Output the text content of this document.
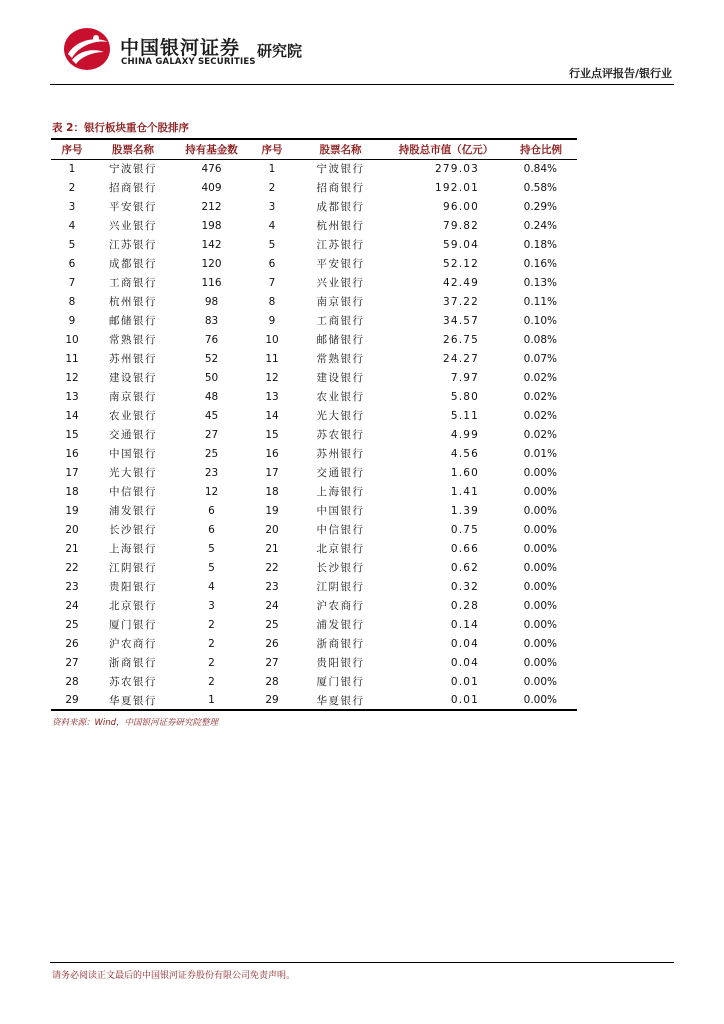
中国银河证券
CHINA GALAXY SECURITIES
研究院
行业点评报告/银行业
表 2：银行板块重仓个股排序
序号	股票名称	持有基金数	序号	股票名称	持股总市值（亿元）	持仓比例
1	宁波银行	476	1	宁波银行	279.03	0.84%
2	招商银行	409	2	招商银行	192.01	0.58%
3	平安银行	212	3	成都银行	96.00	0.29%
4	兴业银行	198	4	杭州银行	79.82	0.24%
5	江苏银行	142	5	江苏银行	59.04	0.18%
6	成都银行	120	6	平安银行	52.12	0.16%
7	工商银行	116	7	兴业银行	42.49	0.13%
8	杭州银行	98	8	南京银行	37.22	0.11%
9	邮储银行	83	9	工商银行	34.57	0.10%
10	常熟银行	76	10	邮储银行	26.75	0.08%
11	苏州银行	52	11	常熟银行	24.27	0.07%
12	建设银行	50	12	建设银行	7.97	0.02%
13	南京银行	48	13	农业银行	5.80	0.02%
14	农业银行	45	14	光大银行	5.11	0.02%
15	交通银行	27	15	苏农银行	4.99	0.02%
16	中国银行	25	16	苏州银行	4.56	0.01%
17	光大银行	23	17	交通银行	1.60	0.00%
18	中信银行	12	18	上海银行	1.41	0.00%
19	浦发银行	6	19	中国银行	1.39	0.00%
20	长沙银行	6	20	中信银行	0.75	0.00%
21	上海银行	5	21	北京银行	0.66	0.00%
22	江阴银行	5	22	长沙银行	0.62	0.00%
23	贵阳银行	4	23	江阴银行	0.32	0.00%
24	北京银行	3	24	沪农商行	0.28	0.00%
25	厦门银行	2	25	浦发银行	0.14	0.00%
26	沪农商行	2	26	浙商银行	0.04	0.00%
27	浙商银行	2	27	贵阳银行	0.04	0.00%
28	苏农银行	2	28	厦门银行	0.01	0.00%
29	华夏银行	1	29	华夏银行	0.01	0.00%
资料来源：Wind，中国银河证券研究院整理
请务必阅读正文最后的中国银河证券股份有限公司免责声明。
